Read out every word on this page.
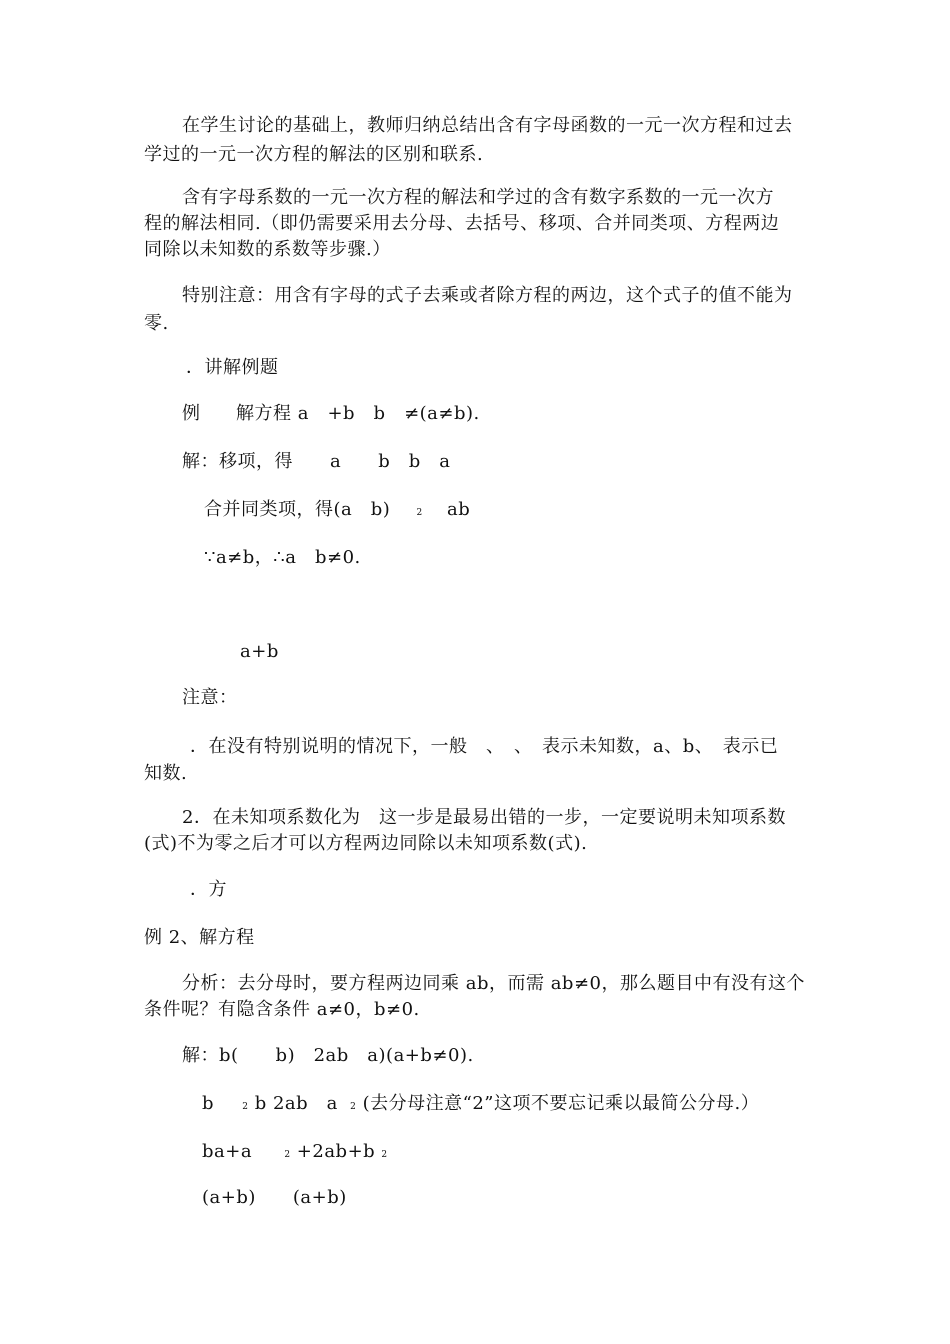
在学生讨论的基础上，教师归纳总结出含有字母函数的一元一次方程和过去
学过的一元一次方程的解法的区别和联系.
含有字母系数的一元一次方程的解法和学过的含有数字系数的一元一次方
程的解法相同.（即仍需要采用去分母、去括号、移项、合并同类项、方程两边
同除以未知数的系数等步骤.）
特别注意：用含有字母的式子去乘或者除方程的两边，这个式子的值不能为
零.
．讲解例题
例 解方程 a　+b　b　≠(a≠b).
解：移项，得　　a　　b　b　a
合并同类项，得(a　b)	2 ab
∵a≠b，∴a　b≠0.
a+b
注意：
．在没有特别说明的情况下，一般　、　、　表示未知数，a、b、　表示已
知数.
2．在未知项系数化为　这一步是最易出错的一步，一定要说明未知项系数
(式)不为零之后才可以方程两边同除以未知项系数(式).
．方
例 2、解方程
分析：去分母时，要方程两边同乘 ab，而需 ab≠0，那么题目中有没有这个
条件呢？有隐含条件 a≠0，b≠0.
解：b(　　b)　2ab　a)(a+b≠0).
b	2 b 2ab　a 2 (去分母注意“2”这项不要忘记乘以最简公分母.）
ba+a	2 +2ab+b 2
(a+b)　　(a+b)
